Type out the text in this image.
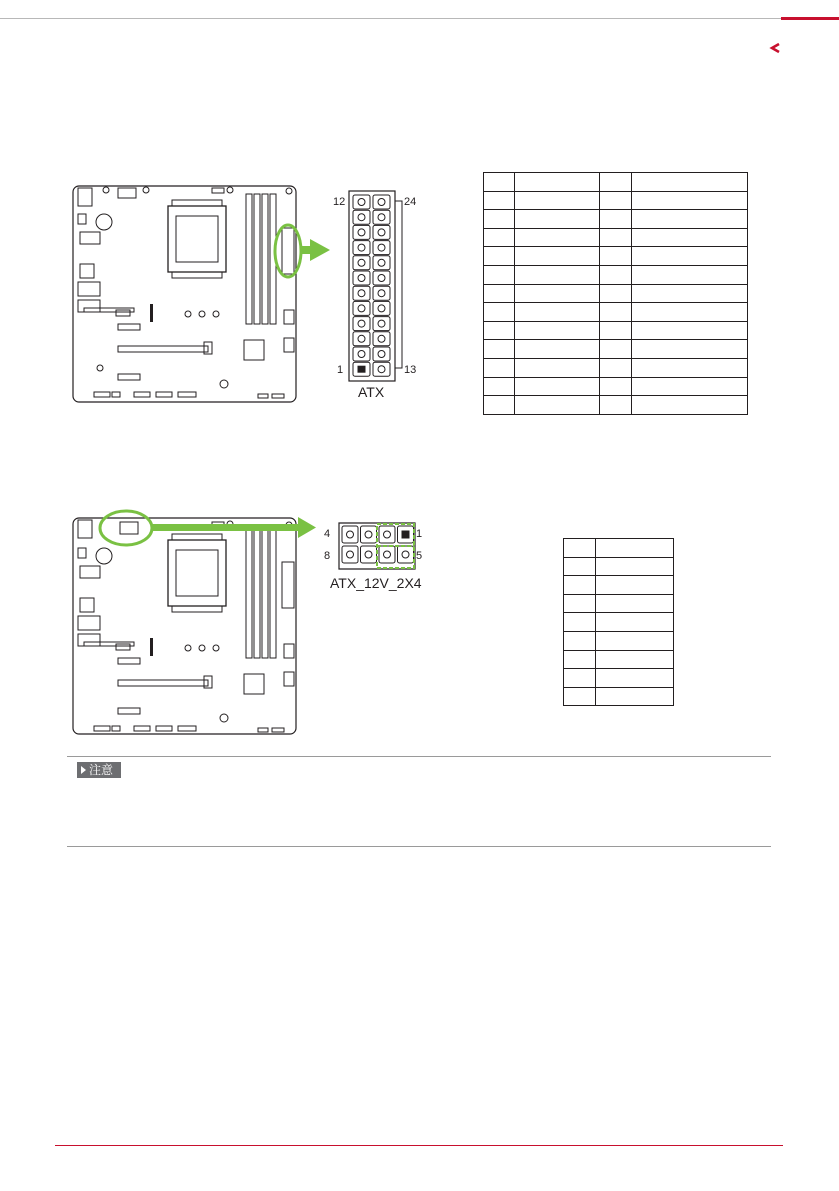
12	24
1	13
ATX

4	1
8	5
ATX_12V_2X4

注意
